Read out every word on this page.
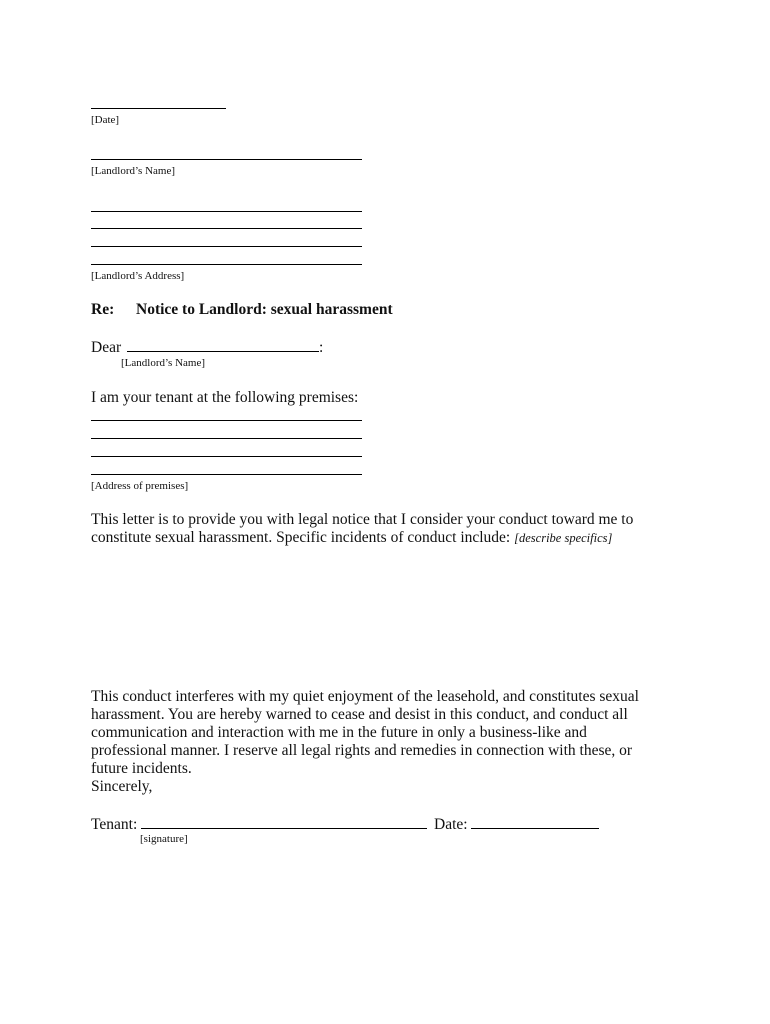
[Date]
[Landlord’s Name]
[Landlord’s Address]
Re: Notice to Landlord: sexual harassment
Dear	:
[Landlord’s Name]
I am your tenant at the following premises:
[Address of premises]
This letter is to provide you with legal notice that I consider your conduct toward me to constitute sexual harassment. Specific incidents of conduct include: [describe specifics]
This conduct interferes with my quiet enjoyment of the leasehold, and constitutes sexual harassment. You are hereby warned to cease and desist in this conduct, and conduct all communication and interaction with me in the future in only a business-like and professional manner. I reserve all legal rights and remedies in connection with these, or future incidents.
Sincerely,
Tenant:	Date:
[signature]
